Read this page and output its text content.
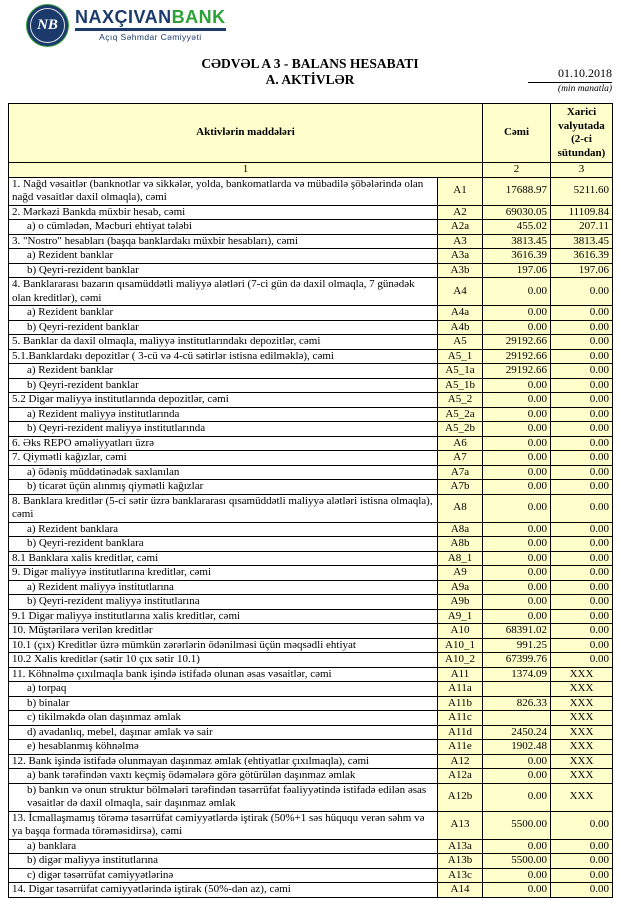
NB NAXÇIVANBANK
Açıq Səhmdar Cəmiyyəti
CƏDVƏL A 3 - BALANS HESABATI
A. AKTİVLƏR	01.10.2018
(min manatla)
Aktivlərin maddələri		Cəmi	Xarici valyutada (2-ci sütundan)
1		2	3
1. Nağd vəsaitlər (banknotlar və sikkələr, yolda, bankomatlarda və mübadilə şöbələrində olan nağd vəsaitlər daxil olmaqla), cəmi	A1	17688.97	5211.60
2. Mərkəzi Bankda müxbir hesab, cəmi	A2	69030.05	11109.84
a) o cümlədən, Məcburi ehtiyat tələbi	A2a	455.02	207.11
3. "Nostro" hesabları (başqa banklardakı müxbir hesabları), cəmi	A3	3813.45	3813.45
a) Rezident banklar	A3a	3616.39	3616.39
b) Qeyri-rezident banklar	A3b	197.06	197.06
4. Banklararası bazarın qısamüddətli maliyyə alətləri (7-ci gün də daxil olmaqla, 7 günədək olan kreditlər), cəmi	A4	0.00	0.00
a) Rezident banklar	A4a	0.00	0.00
b) Qeyri-rezident banklar	A4b	0.00	0.00
5. Banklar da daxil olmaqla, maliyyə institutlarındakı depozitlər, cəmi	A5	29192.66	0.00
5.1.Banklardakı depozitlər ( 3-cü və 4-cü sətirlər istisna edilməklə), cəmi	A5_1	29192.66	0.00
a) Rezident banklar	A5_1a	29192.66	0.00
b) Qeyri-rezident banklar	A5_1b	0.00	0.00
5.2 Digər maliyyə institutlarında depozitlər, cəmi	A5_2	0.00	0.00
a) Rezident maliyyə institutlarında	A5_2a	0.00	0.00
b) Qeyri-rezident maliyyə institutlarında	A5_2b	0.00	0.00
6. Əks REPO əməliyyatları üzrə	A6	0.00	0.00
7. Qiymətli kağızlar, cəmi	A7	0.00	0.00
a) ödəniş müddətinədək saxlanılan	A7a	0.00	0.00
b) ticarət üçün alınmış qiymətli kağızlar	A7b	0.00	0.00
8. Banklara kreditlər (5-ci sətir üzrə banklararası qısamüddətli maliyyə alətləri istisna olmaqla), cəmi	A8	0.00	0.00
a) Rezident banklara	A8a	0.00	0.00
b) Qeyri-rezident banklara	A8b	0.00	0.00
8.1 Banklara xalis kreditlər, cəmi	A8_1	0.00	0.00
9. Digər maliyyə institutlarına kreditlər, cəmi	A9	0.00	0.00
a) Rezident maliyyə institutlarına	A9a	0.00	0.00
b) Qeyri-rezident maliyyə institutlarına	A9b	0.00	0.00
9.1 Digər maliyyə institutlarına xalis kreditlər, cəmi	A9_1	0.00	0.00
10. Müştərilərə verilən kreditlər	A10	68391.02	0.00
10.1 (çıx) Kreditlər üzrə mümkün zərərlərin ödənilməsi üçün məqsədli ehtiyat	A10_1	991.25	0.00
10.2 Xalis kreditlər (sətir 10 çıx sətir 10.1)	A10_2	67399.76	0.00
11. Köhnəlmə çıxılmaqla bank işində istifadə olunan əsas vəsaitlər, cəmi	A11	1374.09	XXX
a) torpaq	A11a		XXX
b) binalar	A11b	826.33	XXX
c) tikilməkdə olan daşınmaz əmlak	A11c		XXX
d) avadanlıq, mebel, daşınar əmlak və sair	A11d	2450.24	XXX
e) hesablanmış köhnəlmə	A11e	1902.48	XXX
12. Bank işində istifadə olunmayan daşınmaz əmlak (ehtiyatlar çıxılmaqla), cəmi	A12	0.00	XXX
a) bank tərəfindən vaxtı keçmiş ödəmələrə görə götürülən daşınmaz əmlak	A12a	0.00	XXX
b) bankın və onun struktur bölmələri tərəfindən təsərrüfat fəaliyyətində istifadə edilən əsas vəsaitlər də daxil olmaqla, sair daşınmaz əmlak	A12b	0.00	XXX
13. İcmallaşmamış törəmə təsərrüfat cəmiyyətlərdə iştirak (50%+1 səs hüququ verən səhm və ya başqa formada törəməsidirsə), cəmi	A13	5500.00	0.00
a) banklara	A13a	0.00	0.00
b) digər maliyyə institutlarına	A13b	5500.00	0.00
c) digər təsərrüfat cəmiyyətlərinə	A13c	0.00	0.00
14. Digər təsərrüfat cəmiyyətlərində iştirak (50%-dən az), cəmi	A14	0.00	0.00
